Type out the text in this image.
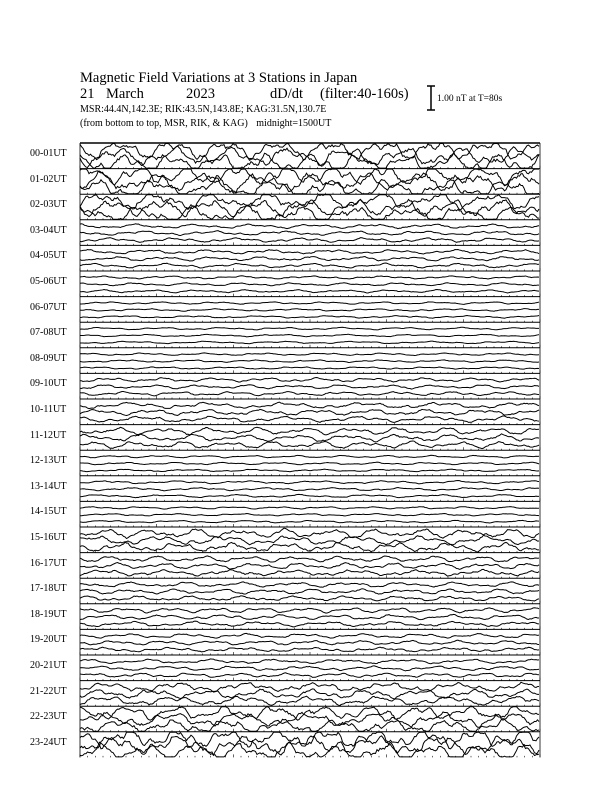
Magnetic Field Variations at 3 Stations in Japan
21 March	2023	dD/dt (filter:40-160s)
MSR:44.4N,142.3E; RIK:43.5N,143.8E; KAG:31.5N,130.7E
(from bottom to top, MSR, RIK, & KAG) midnight=1500UT
1.00 nT at T=80s
00-01UT
01-02UT
02-03UT
03-04UT
04-05UT
05-06UT
06-07UT
07-08UT
08-09UT
09-10UT
10-11UT
11-12UT
12-13UT
13-14UT
14-15UT
15-16UT
16-17UT
17-18UT
18-19UT
19-20UT
20-21UT
21-22UT
22-23UT
23-24UT
